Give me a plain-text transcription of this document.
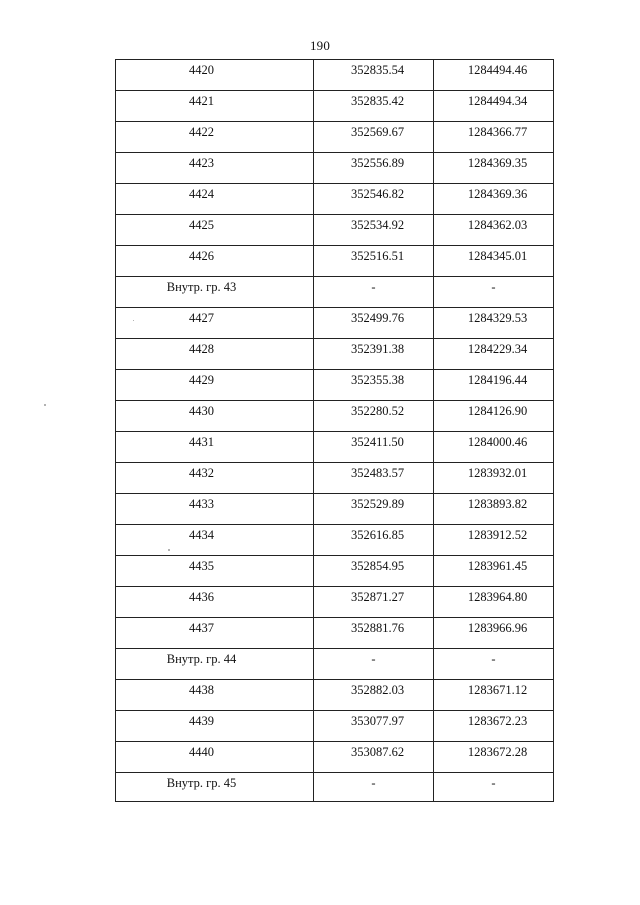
190
4420	352835.54	1284494.46

4421	352835.42	1284494.34

4422	352569.67	1284366.77

4423	352556.89	1284369.35

4424	352546.82	1284369.36

4425	352534.92	1284362.03

4426	352516.51	1284345.01

Внутр. гр. 43	-	-

4427	352499.76	1284329.53

4428	352391.38	1284229.34

4429	352355.38	1284196.44

4430	352280.52	1284126.90

4431	352411.50	1284000.46

4432	352483.57	1283932.01

4433	352529.89	1283893.82

4434	352616.85	1283912.52

4435	352854.95	1283961.45

4436	352871.27	1283964.80

4437	352881.76	1283966.96

Внутр. гр. 44	-	-

4438	352882.03	1283671.12

4439	353077.97	1283672.23

4440	353087.62	1283672.28

Внутр. гр. 45	-	-
